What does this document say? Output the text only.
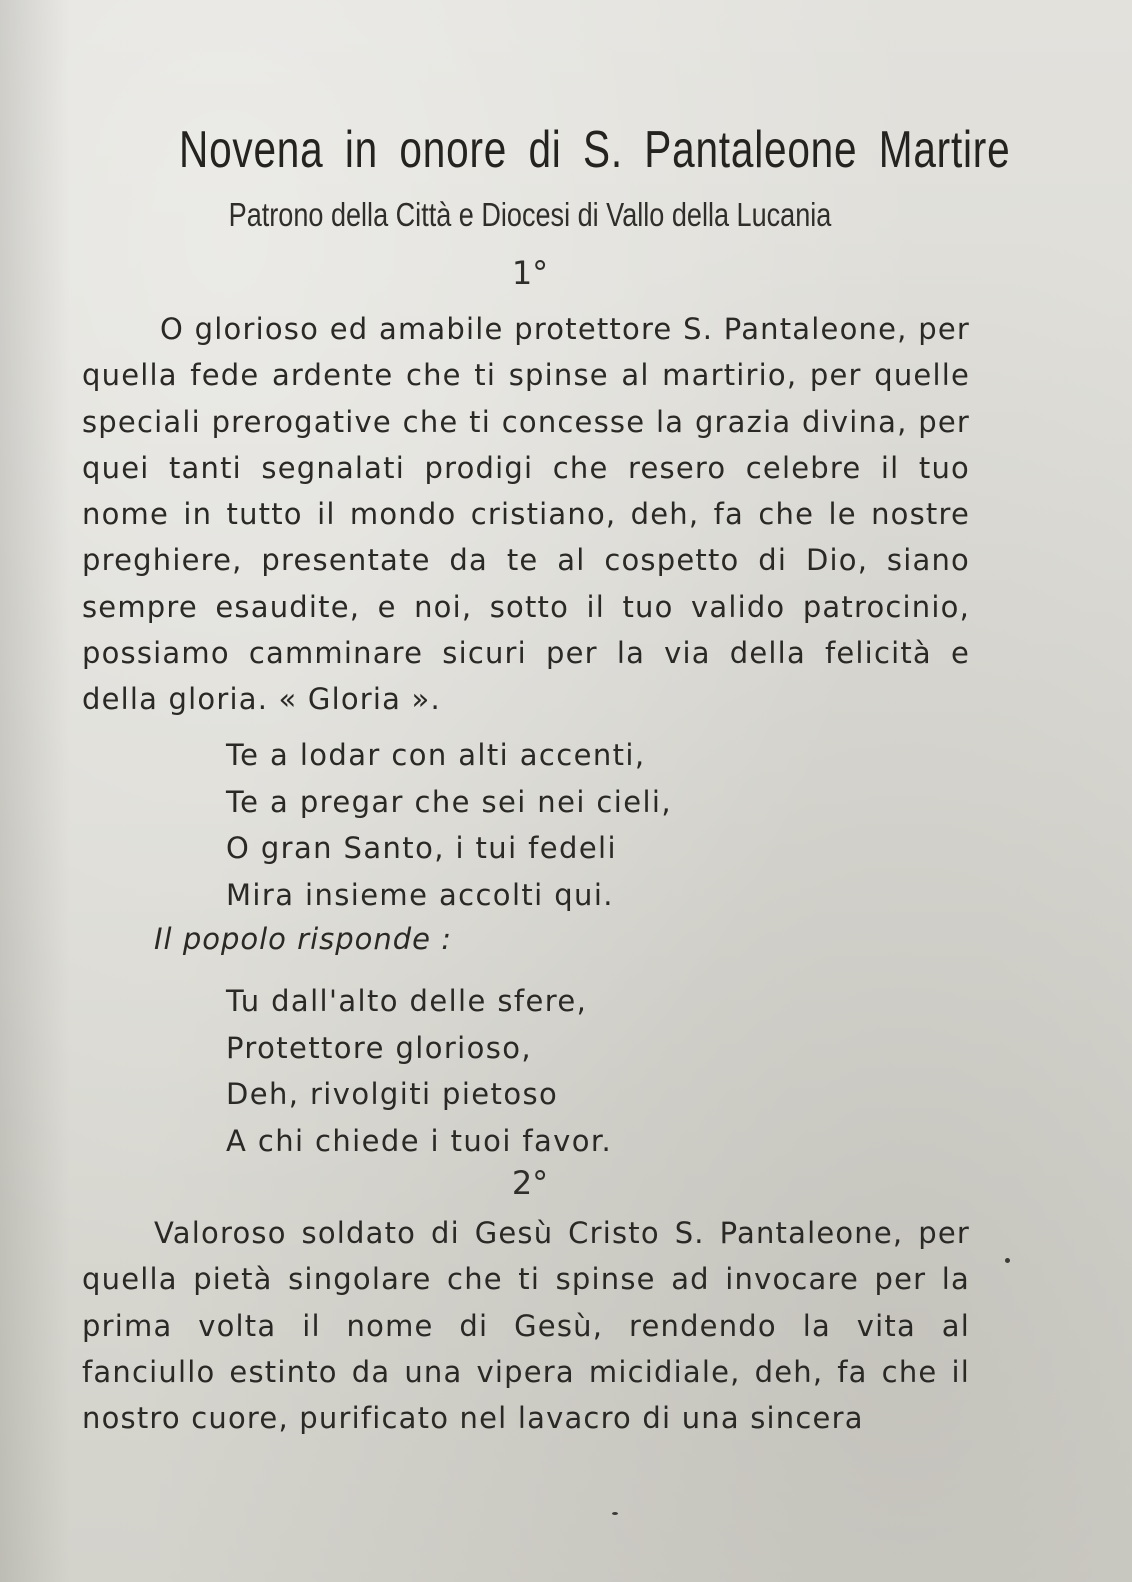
Novena in onore di S. Pantaleone Martire
Patrono della Città e Diocesi di Vallo della Lucania
1°

O glorioso ed amabile protettore S. Pantaleone, per quella fede ardente che ti spinse al martirio, per quelle speciali prerogative che ti concesse la grazia divina, per quei tanti segnalati prodigi che resero celebre il tuo nome in tutto il mondo cristiano, deh, fa che le nostre preghiere, presentate da te al cospetto di Dio, siano sempre esaudite, e noi, sotto il tuo valido patrocinio, possiamo camminare sicuri per la via della felicità e della gloria. « Gloria ».

Te a lodar con alti accenti,
Te a pregar che sei nei cieli,
O gran Santo, i tui fedeli
Mira insieme accolti qui.
Il popolo risponde :
Tu dall'alto delle sfere,
Protettore glorioso,
Deh, rivolgiti pietoso
A chi chiede i tuoi favor.
2°

Valoroso soldato di Gesù Cristo S. Pantaleone, per quella pietà singolare che ti spinse ad invocare per la prima volta il nome di Gesù, rendendo la vita al fanciullo estinto da una vipera micidiale, deh, fa che il nostro cuore, purificato nel lavacro di una sincera
